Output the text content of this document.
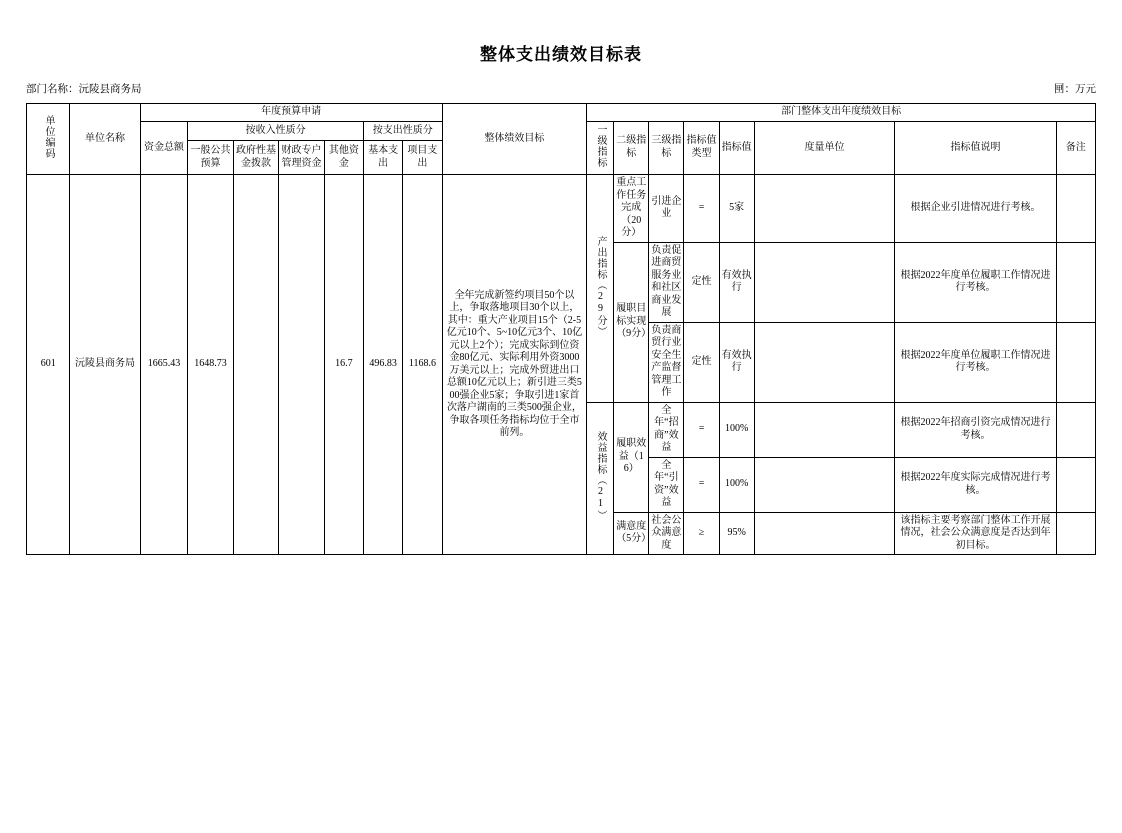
整体支出绩效目标表
部门名称：沅陵县商务局	㘡：万元
单位编码	单位名称	年度预算申请							整体绩效目标	部门整体支出年度绩效目标							
		资金总额	按收入性质分				按支出性质分			一级指标	二级指标	三级指标	指标值类型	指标值	度量单位	指标值说明	备注
			一般公共预算	政府性基金拨款	财政专户管理资金	其他资金	基本支出	项目支出									
601	沅陵县商务局	1665.43	1648.73			16.7	496.83	1168.6	全年完成新签约项目50个以上，争取落地项目30个以上，其中：重大产业项目15个（2-5亿元10个、5~10亿元3个、10亿元以上2个）；完成实际到位资金80亿元、实际利用外资3000万美元以上；完成外贸进出口总额10亿元以上；新引进三类500强企业5家；争取引进1家首次落户湖南的三类500强企业，争取各项任务指标均位于全市前列。	产出指标（29分）	重点工作任务完成（20分）	引进企业	=	5家		根据企业引进情况进行考核。	
											履职目标实现（9分）	负责促进商贸服务业和社区商业发展	定性	有效执行		根据2022年度单位履职工作情况进行考核。	
												负责商贸行业安全生产监督管理工作	定性	有效执行		根据2022年度单位履职工作情况进行考核。	
										效益指标（21）	履职效益（16）	全年“招商”效益	=	100%		根据2022年招商引资完成情况进行考核。	
												全年“引资”效益	=	100%		根据2022年度实际完成情况进行考核。	
											满意度（5分）	社会公众满意度	≥	95%		该指标主要考察部门整体工作开展情况，社会公众满意度是否达到年初目标。	
